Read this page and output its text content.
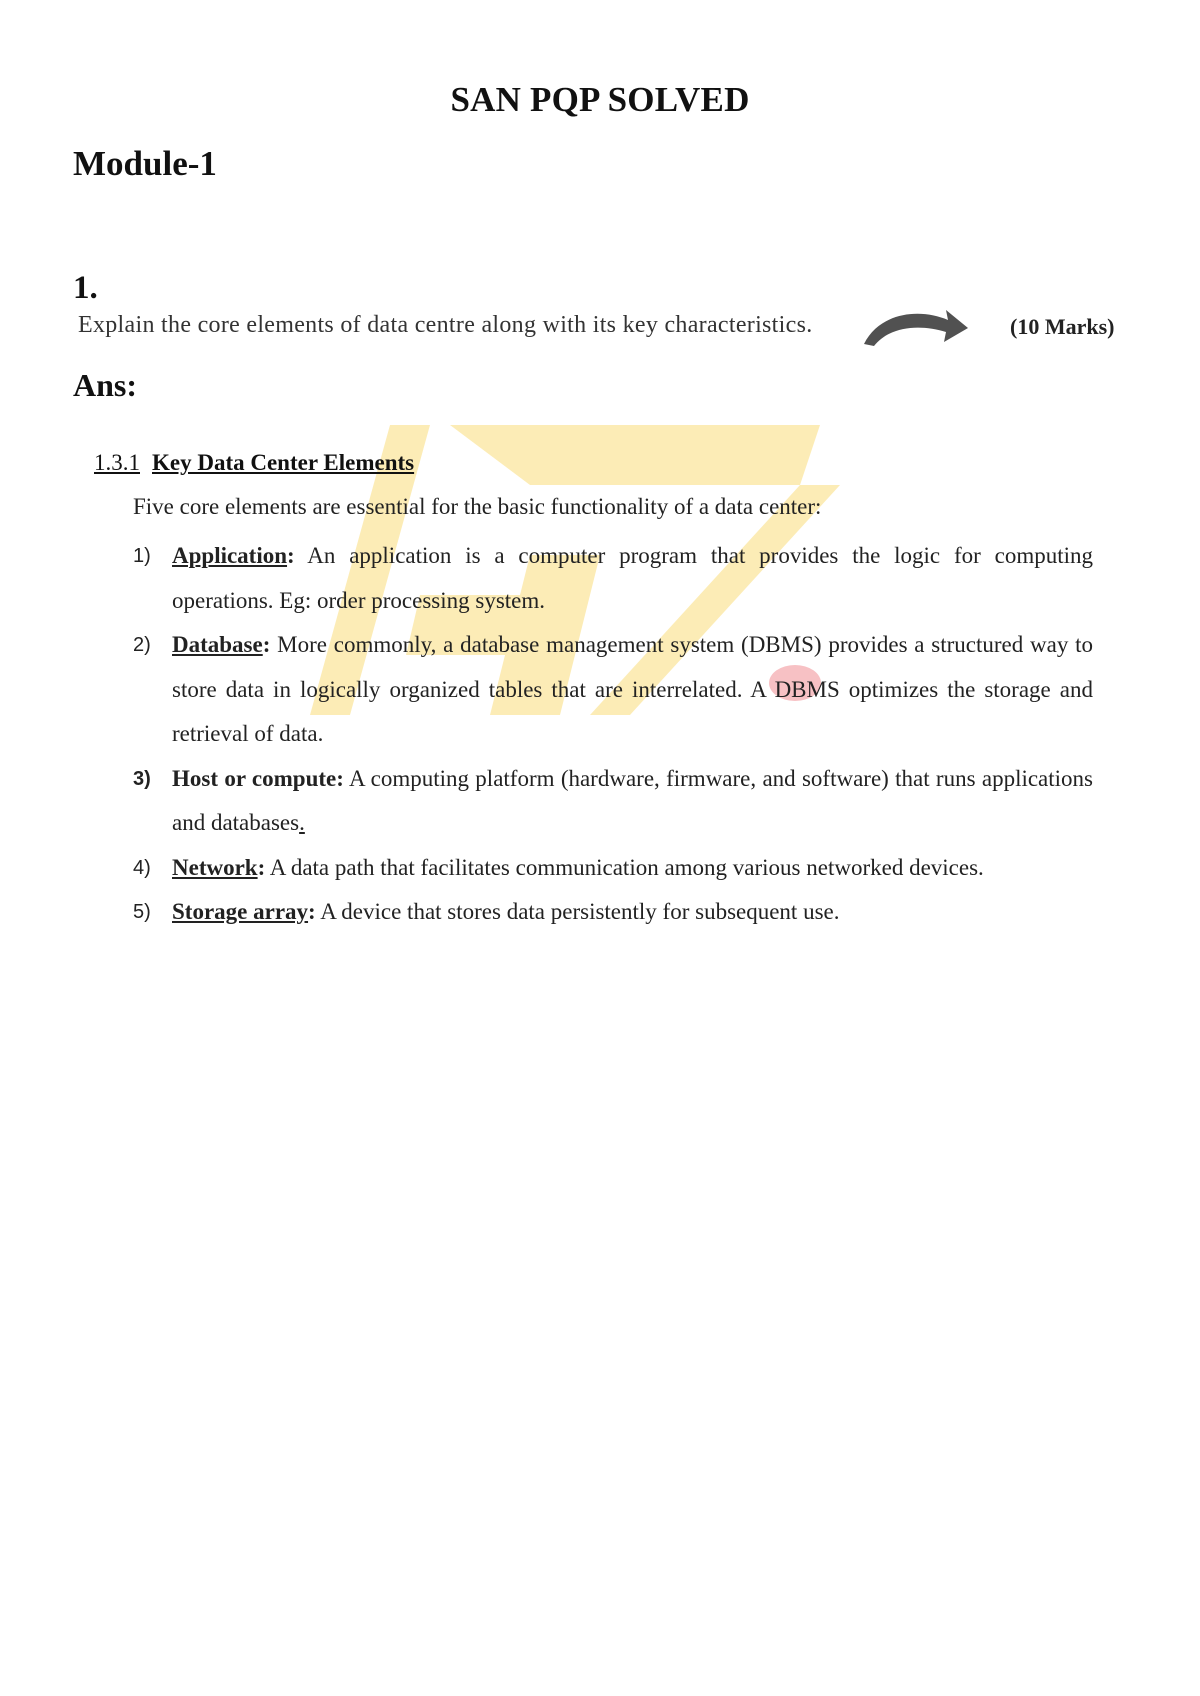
SAN PQP SOLVED
Module-1
1.
Explain the core elements of data centre along with its key characteristics.	(10 Marks)
Ans:
1.3.1 Key Data Center Elements
Five core elements are essential for the basic functionality of a data center:
1) Application: An application is a computer program that provides the logic for computing operations. Eg: order processing system.
2) Database: More commonly, a database management system (DBMS) provides a structured way to store data in logically organized tables that are interrelated. A DBMS optimizes the storage and retrieval of data.
3) Host or compute: A computing platform (hardware, firmware, and software) that runs applications and databases.
4) Network: A data path that facilitates communication among various networked devices.
5) Storage array: A device that stores data persistently for subsequent use.
